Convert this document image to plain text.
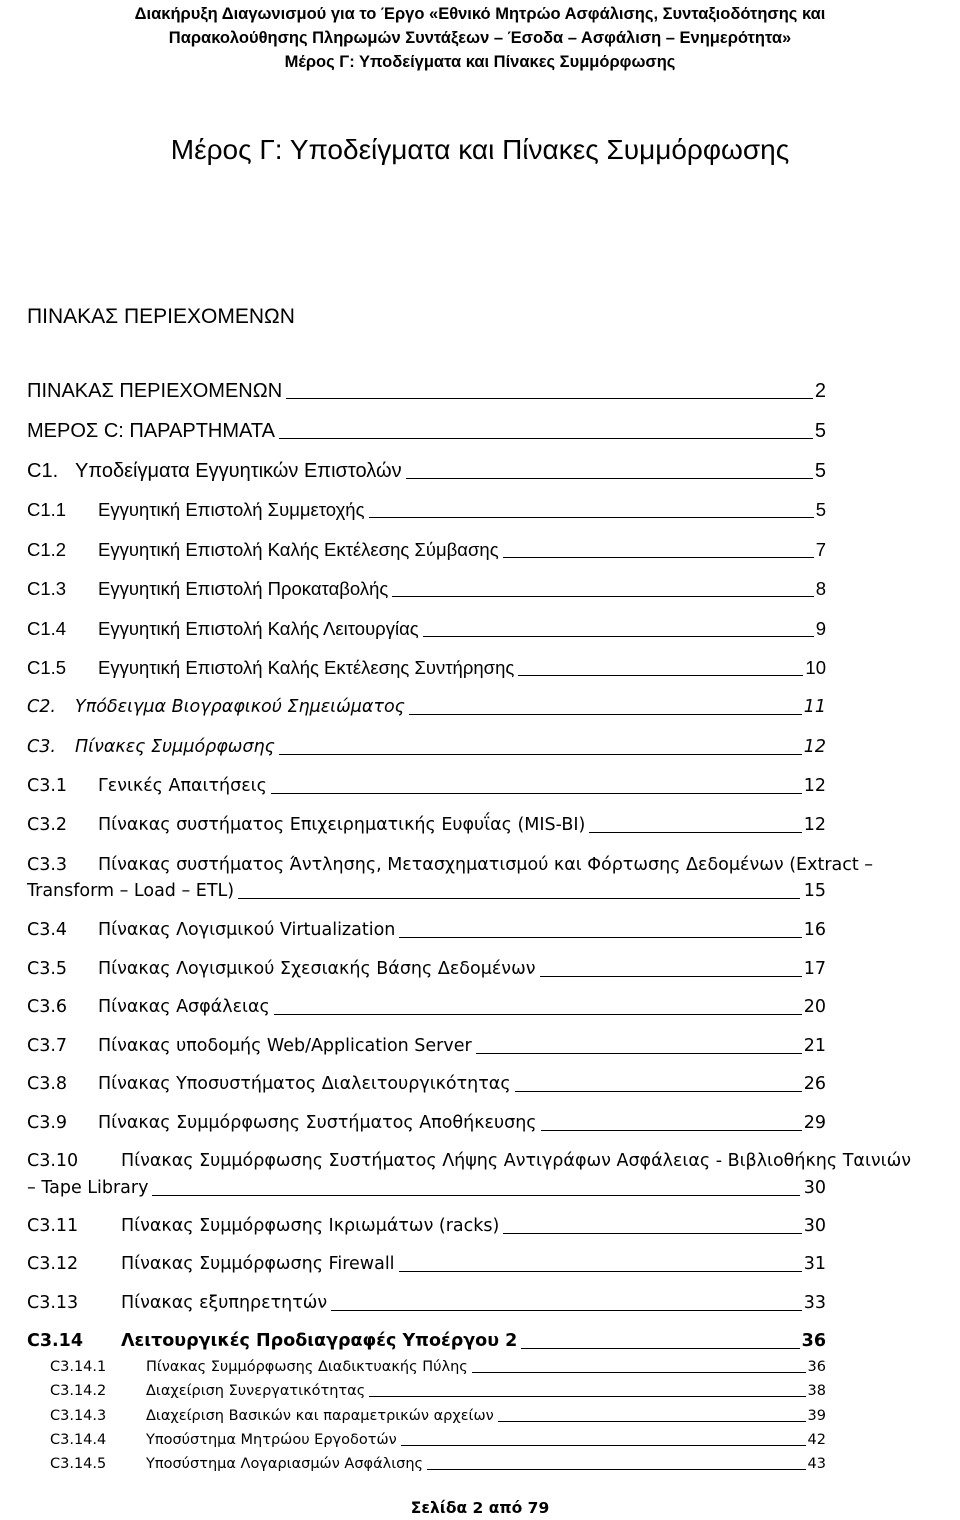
Διακήρυξη Διαγωνισμού για το Έργο «Εθνικό Μητρώο Ασφάλισης, Συνταξιοδότησης και
Παρακολούθησης Πληρωμών Συντάξεων – Έσοδα – Ασφάλιση – Ενημερότητα»
Μέρος Γ: Υποδείγματα και Πίνακες Συμμόρφωσης
Μέρος Γ: Υποδείγματα και Πίνακες Συμμόρφωσης
ΠΙΝΑΚΑΣ ΠΕΡΙΕΧΟΜΕΝΩΝ
ΠΙΝΑΚΑΣ ΠΕΡΙΕΧΟΜΕΝΩΝ	2
ΜΕΡΟΣ C: ΠΑΡΑΡΤΗΜΑΤΑ	5
C1. Υποδείγματα Εγγυητικών Επιστολών	5
C1.1	Εγγυητική Επιστολή Συμμετοχής	5
C1.2	Εγγυητική Επιστολή Καλής Εκτέλεσης Σύμβασης	7
C1.3	Εγγυητική Επιστολή Προκαταβολής	8
C1.4	Εγγυητική Επιστολή Καλής Λειτουργίας	9
C1.5	Εγγυητική Επιστολή Καλής Εκτέλεσης Συντήρησης	10
C2.	Υπόδειγμα Βιογραφικού Σημειώματος	11
C3.	Πίνακες Συμμόρφωσης	12
C3.1	Γενικές Απαιτήσεις	12
C3.2	Πίνακας συστήματος Επιχειρηματικής Ευφυΐας (MIS-BI)	12
C3.3 Πίνακας συστήματος Άντλησης, Μετασχηματισμού και Φόρτωσης Δεδομένων (Extract –
Transform – Load – ETL)	15
C3.4	Πίνακας Λογισμικού Virtualization	16
C3.5	Πίνακας Λογισμικού Σχεσιακής Βάσης Δεδομένων	17
C3.6	Πίνακας Ασφάλειας	20
C3.7	Πίνακας υποδομής Web/Application Server	21
C3.8	Πίνακας Υποσυστήματος Διαλειτουργικότητας	26
C3.9	Πίνακας Συμμόρφωσης Συστήματος Αποθήκευσης	29
C3.10 Πίνακας Συμμόρφωσης Συστήματος Λήψης Αντιγράφων Ασφάλειας - Βιβλιοθήκης Ταινιών
– Tape Library	30
C3.11	Πίνακας Συμμόρφωσης Ικριωμάτων (racks)	30
C3.12	Πίνακας Συμμόρφωσης Firewall	31
C3.13	Πίνακας εξυπηρετητών	33
C3.14	Λειτουργικές Προδιαγραφές Υποέργου 2	36
C3.14.1	Πίνακας Συμμόρφωσης Διαδικτυακής Πύλης	36
C3.14.2	Διαχείριση Συνεργατικότητας	38
C3.14.3	Διαχείριση Βασικών και παραμετρικών αρχείων	39
C3.14.4	Υποσύστημα Μητρώου Εργοδοτών	42
C3.14.5	Υποσύστημα Λογαριασμών Ασφάλισης	43
Σελίδα 2 από 79
